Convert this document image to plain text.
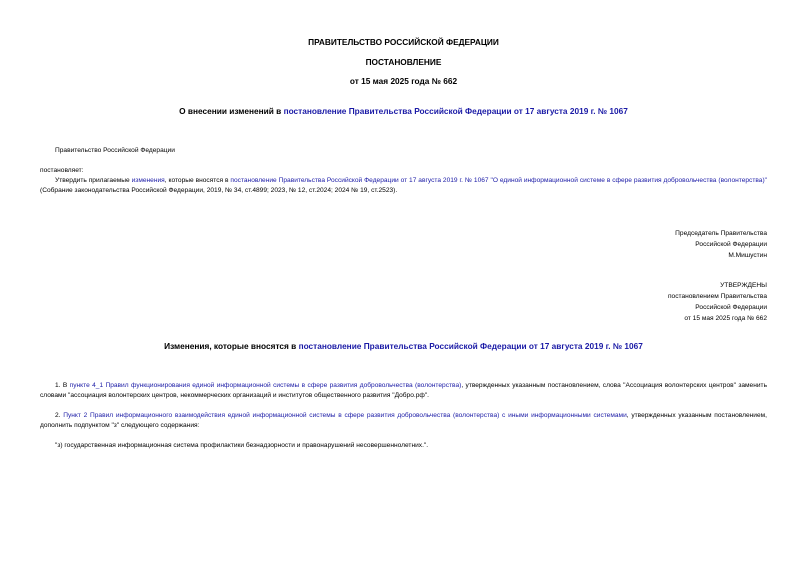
ПРАВИТЕЛЬСТВО РОССИЙСКОЙ ФЕДЕРАЦИИ
ПОСТАНОВЛЕНИЕ
от 15 мая 2025 года № 662
О внесении изменений в постановление Правительства Российской Федерации от 17 августа 2019 г. № 1067
Правительство Российской Федерации
постановляет:
Утвердить прилагаемые изменения, которые вносятся в постановление Правительства Российской Федерации от 17 августа 2019 г. № 1067 "О единой информационной системе в сфере развития добровольчества (волонтерства)" (Собрание законодательства Российской Федерации, 2019, № 34, ст.4899; 2023, № 12, ст.2024; 2024 № 19, ст.2523).
Председатель Правительства
Российской Федерации
М.Мишустин
УТВЕРЖДЕНЫ
постановлением Правительства
Российской Федерации
от 15 мая 2025 года № 662
Изменения, которые вносятся в постановление Правительства Российской Федерации от 17 августа 2019 г. № 1067
1. В пункте 4_1 Правил функционирования единой информационной системы в сфере развития добровольчества (волонтерства), утвержденных указанным постановлением, слова "Ассоциация волонтерских центров" заменить словами "ассоциация волонтерских центров, некоммерческих организаций и институтов общественного развития "Добро.рф".
2. Пункт 2 Правил информационного взаимодействия единой информационной системы в сфере развития добровольчества (волонтерства) с иными информационными системами, утвержденных указанным постановлением, дополнить подпунктом "з" следующего содержания:
"з) государственная информационная система профилактики безнадзорности и правонарушений несовершеннолетних.".
